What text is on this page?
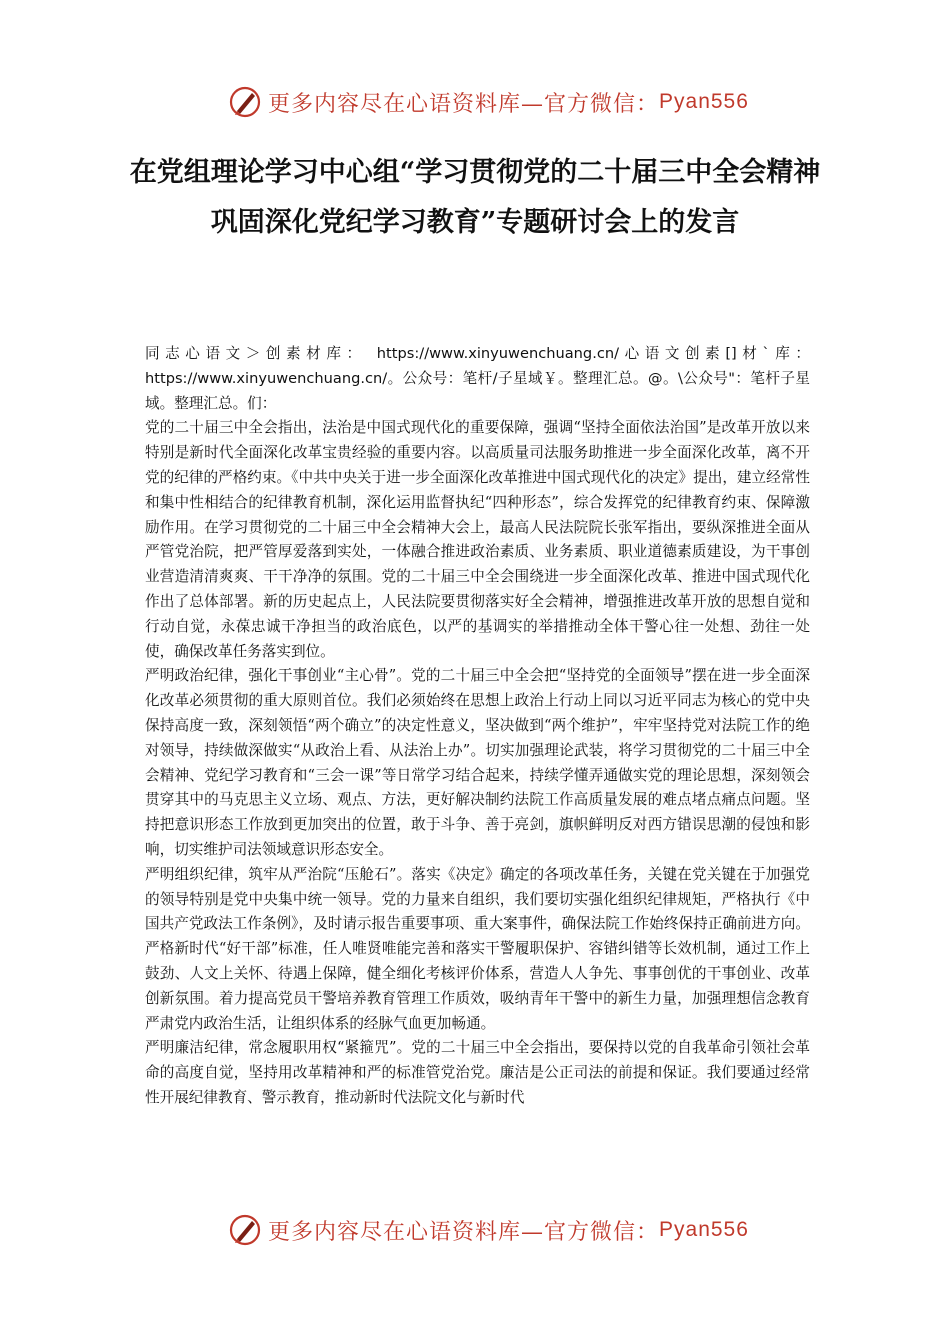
更多内容尽在心语资料库—官方微信： Pyan556
在党组理论学习中心组“学习贯彻党的二十届三中全会精神 巩固深化党纪学习教育”专题研讨会上的发言

同志心语文＞创素材库： https://www.xinyuwenchuang.cn/心语文创素[]材`库：https://www.xinyuwenchuang.cn/。公众号：笔杆/子星域￥。整理汇总。@。\公众号"：笔杆子星域。整理汇总。们：

党的二十届三中全会指出，法治是中国式现代化的重要保障，强调“坚持全面依法治国”是改革开放以来特别是新时代全面深化改革宝贵经验的重要内容。以高质量司法服务助推进一步全面深化改革，离不开党的纪律的严格约束。《中共中央关于进一步全面深化改革推进中国式现代化的决定》提出，建立经常性和集中性相结合的纪律教育机制，深化运用监督执纪“四种形态”，综合发挥党的纪律教育约束、保障激励作用。在学习贯彻党的二十届三中全会精神大会上，最高人民法院院长张军指出，要纵深推进全面从严管党治院，把严管厚爱落到实处，一体融合推进政治素质、业务素质、职业道德素质建设，为干事创业营造清清爽爽、干干净净的氛围。党的二十届三中全会围绕进一步全面深化改革、推进中国式现代化作出了总体部署。新的历史起点上，人民法院要贯彻落实好全会精神，增强推进改革开放的思想自觉和行动自觉，永葆忠诚干净担当的政治底色，以严的基调实的举措推动全体干警心往一处想、劲往一处使，确保改革任务落实到位。

严明政治纪律，强化干事创业“主心骨”。党的二十届三中全会把“坚持党的全面领导”摆在进一步全面深化改革必须贯彻的重大原则首位。我们必须始终在思想上政治上行动上同以习近平同志为核心的党中央保持高度一致，深刻领悟“两个确立”的决定性意义，坚决做到“两个维护”，牢牢坚持党对法院工作的绝对领导，持续做深做实“从政治上看、从法治上办”。切实加强理论武装，将学习贯彻党的二十届三中全会精神、党纪学习教育和“三会一课”等日常学习结合起来，持续学懂弄通做实党的理论思想，深刻领会贯穿其中的马克思主义立场、观点、方法，更好解决制约法院工作高质量发展的难点堵点痛点问题。坚持把意识形态工作放到更加突出的位置，敢于斗争、善于亮剑，旗帜鲜明反对西方错误思潮的侵蚀和影响，切实维护司法领域意识形态安全。

严明组织纪律，筑牢从严治院“压舱石”。落实《决定》确定的各项改革任务，关键在党关键在于加强党的领导特别是党中央集中统一领导。党的力量来自组织，我们要切实强化组织纪律规矩，严格执行《中国共产党政法工作条例》，及时请示报告重要事项、重大案事件，确保法院工作始终保持正确前进方向。严格新时代“好干部”标准，任人唯贤唯能完善和落实干警履职保护、容错纠错等长效机制，通过工作上鼓劲、人文上关怀、待遇上保障，健全细化考核评价体系，营造人人争先、事事创优的干事创业、改革创新氛围。着力提高党员干警培养教育管理工作质效，吸纳青年干警中的新生力量，加强理想信念教育严肃党内政治生活，让组织体系的经脉气血更加畅通。

严明廉洁纪律，常念履职用权“紧箍咒”。党的二十届三中全会指出，要保持以党的自我革命引领社会革命的高度自觉，坚持用改革精神和严的标准管党治党。廉洁是公正司法的前提和保证。我们要通过经常性开展纪律教育、警示教育，推动新时代法院文化与新时代

更多内容尽在心语资料库—官方微信： Pyan556
